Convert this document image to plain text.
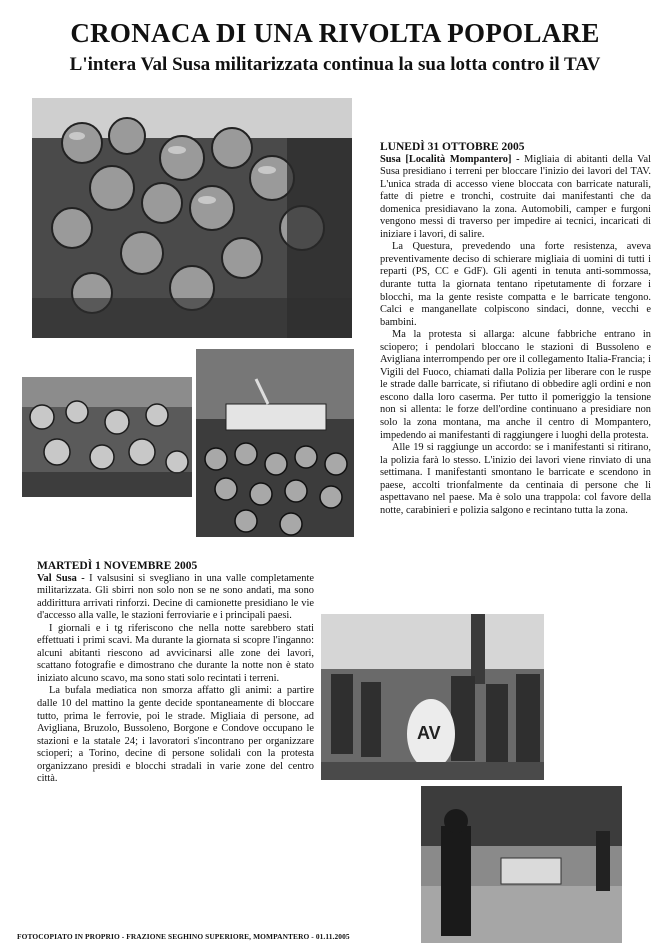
CRONACA DI UNA RIVOLTA POPOLARE
L'intera Val Susa militarizzata continua la sua lotta contro il TAV
AV

LUNEDÌ 31 OTTOBRE 2005

Susa [Località Mompantero] - Migliaia di abitanti della Val Susa presidiano i terreni per bloccare l'inizio dei lavori del TAV. L'unica strada di accesso viene bloccata con barricate naturali, fatte di pietre e tronchi, costruite dai manifestanti che da domenica presidiavano la zona. Automobili, camper e furgoni vengono messi di traverso per impedire ai tecnici, incaricati di iniziare i lavori, di salire.

La Questura, prevedendo una forte resistenza, aveva preventivamente deciso di schierare migliaia di uomini di tutti i reparti (PS, CC e GdF). Gli agenti in tenuta anti-sommossa, durante tutta la giornata tentano ripetutamente di forzare i blocchi, ma la gente resiste compatta e le barricate tengono. Calci e manganellate colpiscono sindaci, donne, vecchi e bambini.

Ma la protesta si allarga: alcune fabbriche entrano in sciopero; i pendolari bloccano le stazioni di Bussoleno e Avigliana interrompendo per ore il collegamento Italia-Francia; i Vigili del Fuoco, chiamati dalla Polizia per liberare con le ruspe le strade dalle barricate, si rifiutano di obbedire agli ordini e non escono dalla loro caserma. Per tutto il pomeriggio la tensione non si allenta: le forze dell'ordine continuano a presidiare non solo la zona montana, ma anche il centro di Mompantero, impedendo ai manifestanti di raggiungere i luoghi della protesta.

Alle 19 si raggiunge un accordo: se i manifestanti si ritirano, la polizia farà lo stesso. L'inizio dei lavori viene rinviato di una settimana. I manifestanti smontano le barricate e scendono in paese, accolti trionfalmente da centinaia di persone che li aspettavano nel paese. Ma è solo una trappola: col favore della notte, carabinieri e polizia salgono e recintano tutta la zona.

MARTEDÌ 1 NOVEMBRE 2005

Val Susa - I valsusini si svegliano in una valle completamente militarizzata. Gli sbirri non solo non se ne sono andati, ma sono addirittura arrivati rinforzi. Decine di camionette presidiano le vie d'accesso alla valle, le stazioni ferroviarie e i principali paesi.

I giornali e i tg riferiscono che nella notte sarebbero stati effettuati i primi scavi. Ma durante la giornata si scopre l'inganno: alcuni abitanti riescono ad avvicinarsi alle zone dei lavori, scattano fotografie e dimostrano che durante la notte non è stato iniziato alcuno scavo, ma sono stati solo recintati i terreni.

La bufala mediatica non smorza affatto gli animi: a partire dalle 10 del mattino la gente decide spontaneamente di bloccare tutto, prima le ferrovie, poi le strade. Migliaia di persone, ad Avigliana, Bruzolo, Bussoleno, Borgone e Condove occupano le stazioni e la statale 24; i lavoratori s'incontrano per organizzare scioperi; a Torino, decine di persone solidali con la protesta organizzano presidi e blocchi stradali in varie zone del centro città.

FOTOCOPIATO IN PROPRIO - FRAZIONE SEGHINO SUPERIORE, MOMPANTERO - 01.11.2005
